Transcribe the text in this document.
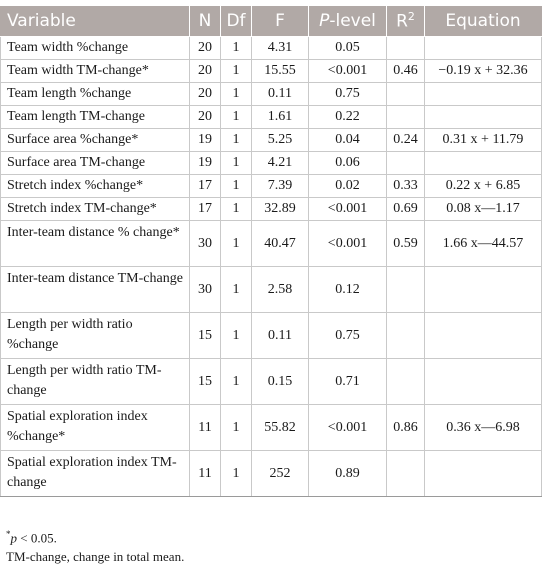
Variable	N	Df	F	P-level	$R^2$	Equation
Team width %change	20	1	4.31	0.05		
Team width TM-change*	20	1	15.55	<0.001	0.46	−0.19 x + 32.36
Team length %change	20	1	0.11	0.75		
Team length TM-change	20	1	1.61	0.22		
Surface area %change*	19	1	5.25	0.04	0.24	0.31 x + 11.79
Surface area TM-change	19	1	4.21	0.06		
Stretch index %change*	17	1	7.39	0.02	0.33	0.22 x + 6.85
Stretch index TM-change*	17	1	32.89	<0.001	0.69	0.08 x—1.17
Inter-team distance % change*	30	1	40.47	<0.001	0.59	1.66 x—44.57
Inter-team distance TM-change	30	1	2.58	0.12		
Length per width ratio %change	15	1	0.11	0.75		
Length per width ratio TM-change	15	1	0.15	0.71		
Spatial exploration index %change*	11	1	55.82	<0.001	0.86	0.36 x—6.98
Spatial exploration index TM-change	11	1	252	0.89		
*p < 0.05.
TM-change, change in total mean.
